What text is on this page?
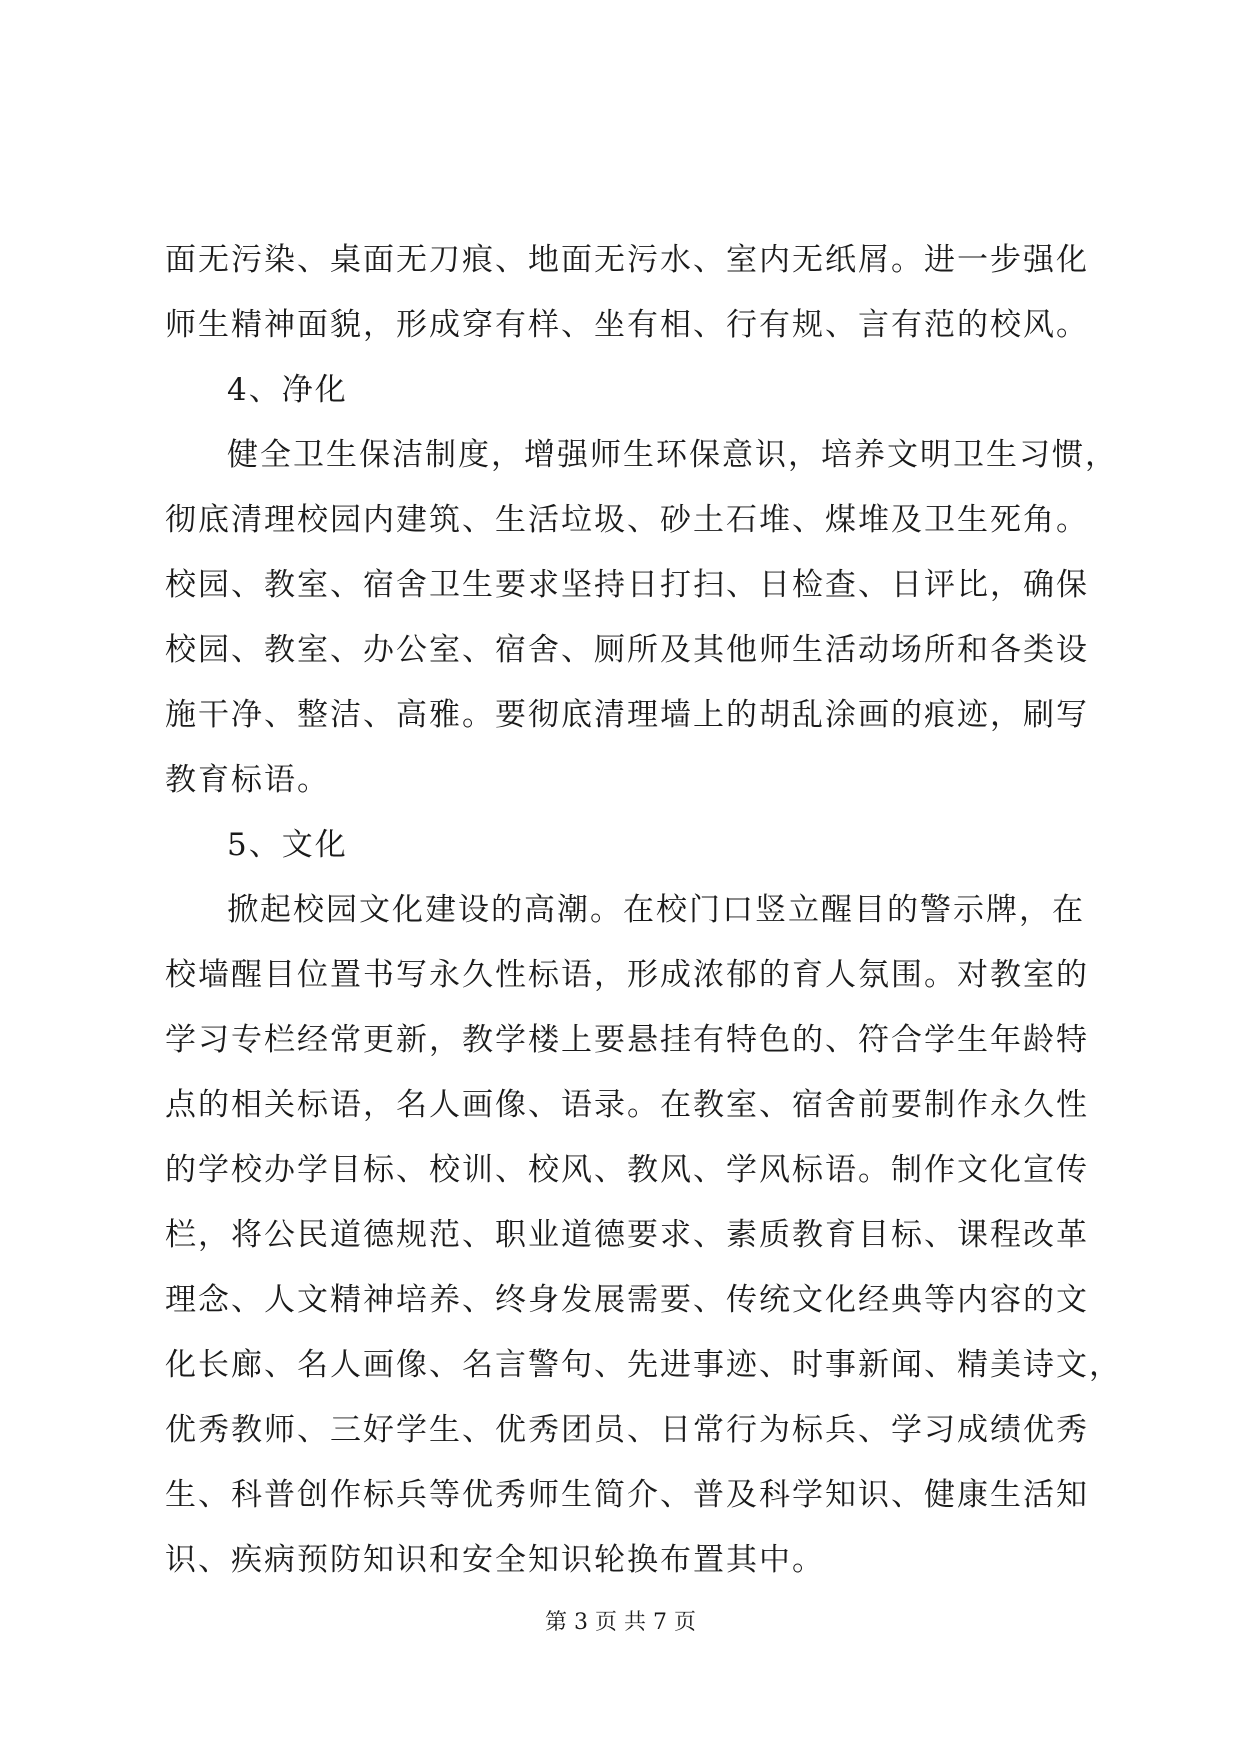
面无污染、桌面无刀痕、地面无污水、室内无纸屑。进一步强化
师生精神面貌，形成穿有样、坐有相、行有规、言有范的校风。
4、净化
健全卫生保洁制度，增强师生环保意识，培养文明卫生习惯，
彻底清理校园内建筑、生活垃圾、砂土石堆、煤堆及卫生死角。
校园、教室、宿舍卫生要求坚持日打扫、日检查、日评比，确保
校园、教室、办公室、宿舍、厕所及其他师生活动场所和各类设
施干净、整洁、高雅。要彻底清理墙上的胡乱涂画的痕迹，刷写
教育标语。
5、文化
掀起校园文化建设的高潮。在校门口竖立醒目的警示牌，在
校墙醒目位置书写永久性标语，形成浓郁的育人氛围。对教室的
学习专栏经常更新，教学楼上要悬挂有特色的、符合学生年龄特
点的相关标语，名人画像、语录。在教室、宿舍前要制作永久性
的学校办学目标、校训、校风、教风、学风标语。制作文化宣传
栏，将公民道德规范、职业道德要求、素质教育目标、课程改革
理念、人文精神培养、终身发展需要、传统文化经典等内容的文
化长廊、名人画像、名言警句、先进事迹、时事新闻、精美诗文，
优秀教师、三好学生、优秀团员、日常行为标兵、学习成绩优秀
生、科普创作标兵等优秀师生简介、普及科学知识、健康生活知
识、疾病预防知识和安全知识轮换布置其中。
第 3 页 共 7 页
